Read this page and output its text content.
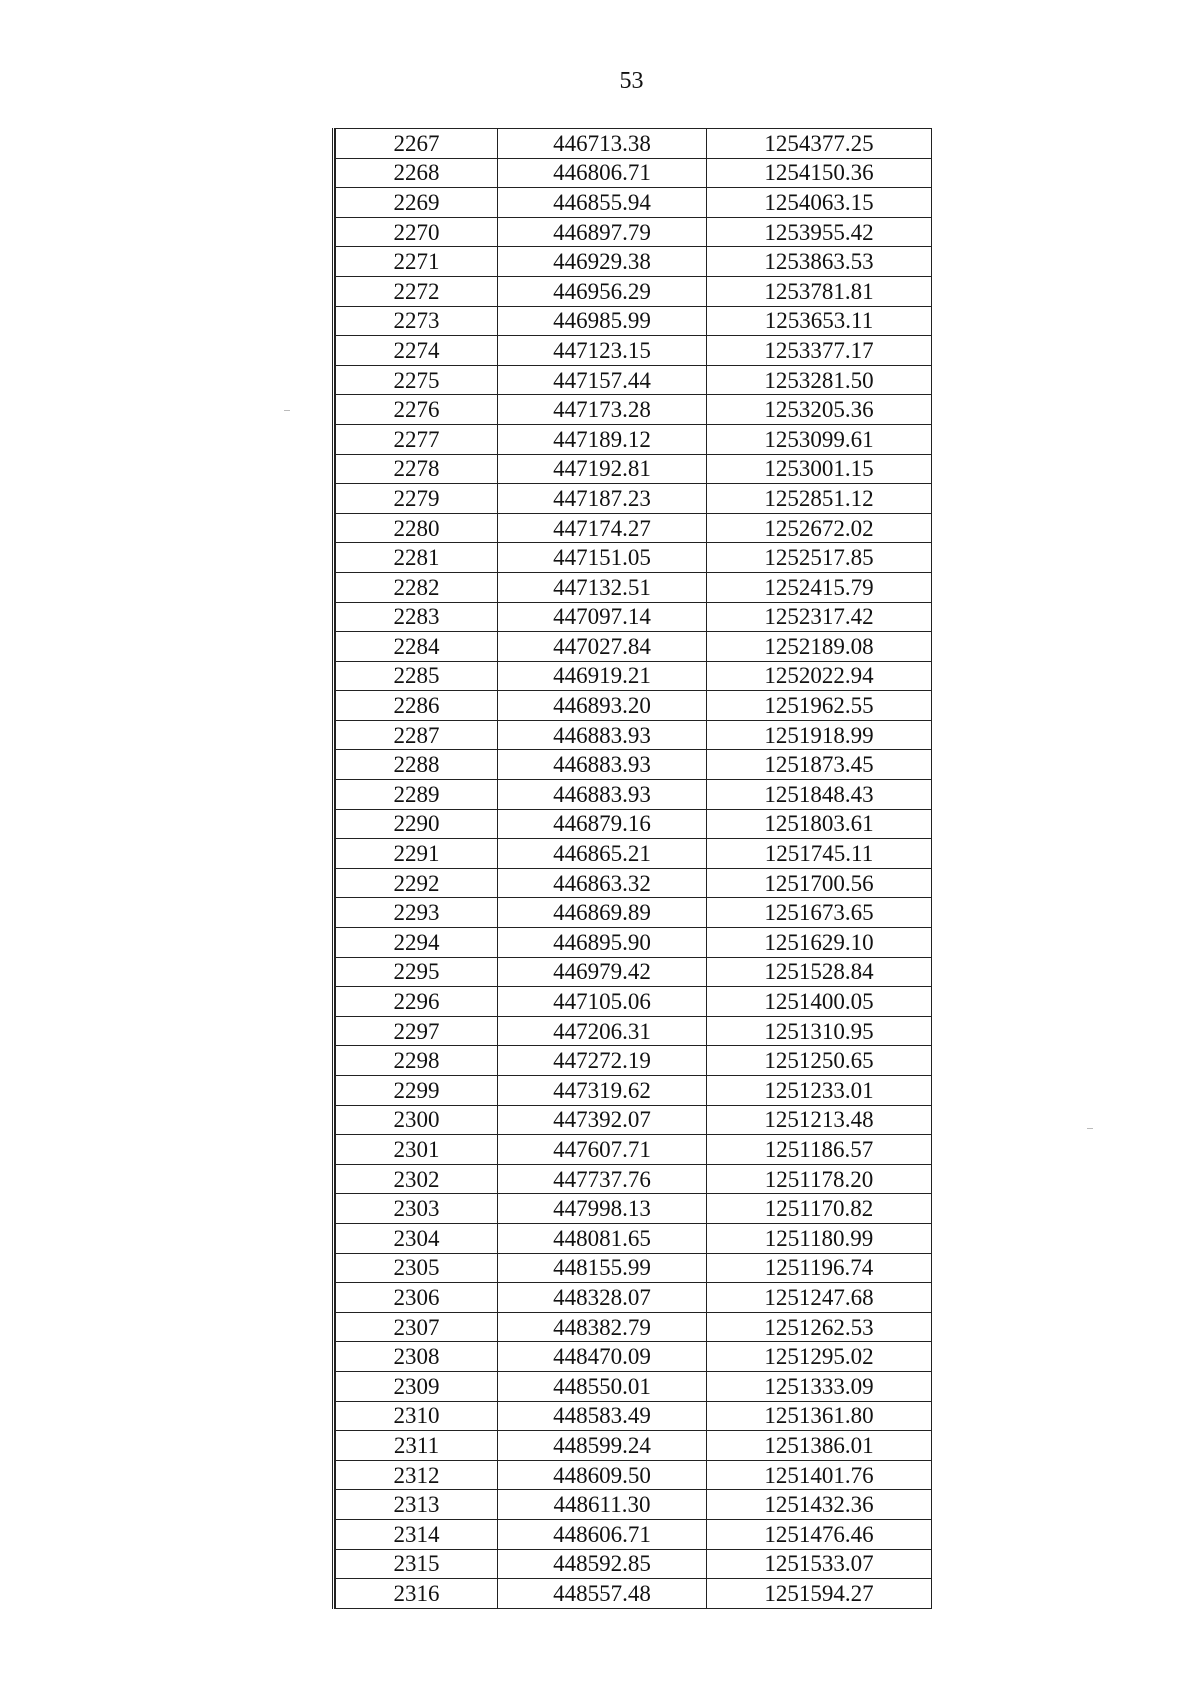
53
2267	446713.38	1254377.25
2268	446806.71	1254150.36
2269	446855.94	1254063.15
2270	446897.79	1253955.42
2271	446929.38	1253863.53
2272	446956.29	1253781.81
2273	446985.99	1253653.11
2274	447123.15	1253377.17
2275	447157.44	1253281.50
2276	447173.28	1253205.36
2277	447189.12	1253099.61
2278	447192.81	1253001.15
2279	447187.23	1252851.12
2280	447174.27	1252672.02
2281	447151.05	1252517.85
2282	447132.51	1252415.79
2283	447097.14	1252317.42
2284	447027.84	1252189.08
2285	446919.21	1252022.94
2286	446893.20	1251962.55
2287	446883.93	1251918.99
2288	446883.93	1251873.45
2289	446883.93	1251848.43
2290	446879.16	1251803.61
2291	446865.21	1251745.11
2292	446863.32	1251700.56
2293	446869.89	1251673.65
2294	446895.90	1251629.10
2295	446979.42	1251528.84
2296	447105.06	1251400.05
2297	447206.31	1251310.95
2298	447272.19	1251250.65
2299	447319.62	1251233.01
2300	447392.07	1251213.48
2301	447607.71	1251186.57
2302	447737.76	1251178.20
2303	447998.13	1251170.82
2304	448081.65	1251180.99
2305	448155.99	1251196.74
2306	448328.07	1251247.68
2307	448382.79	1251262.53
2308	448470.09	1251295.02
2309	448550.01	1251333.09
2310	448583.49	1251361.80
2311	448599.24	1251386.01
2312	448609.50	1251401.76
2313	448611.30	1251432.36
2314	448606.71	1251476.46
2315	448592.85	1251533.07
2316	448557.48	1251594.27
